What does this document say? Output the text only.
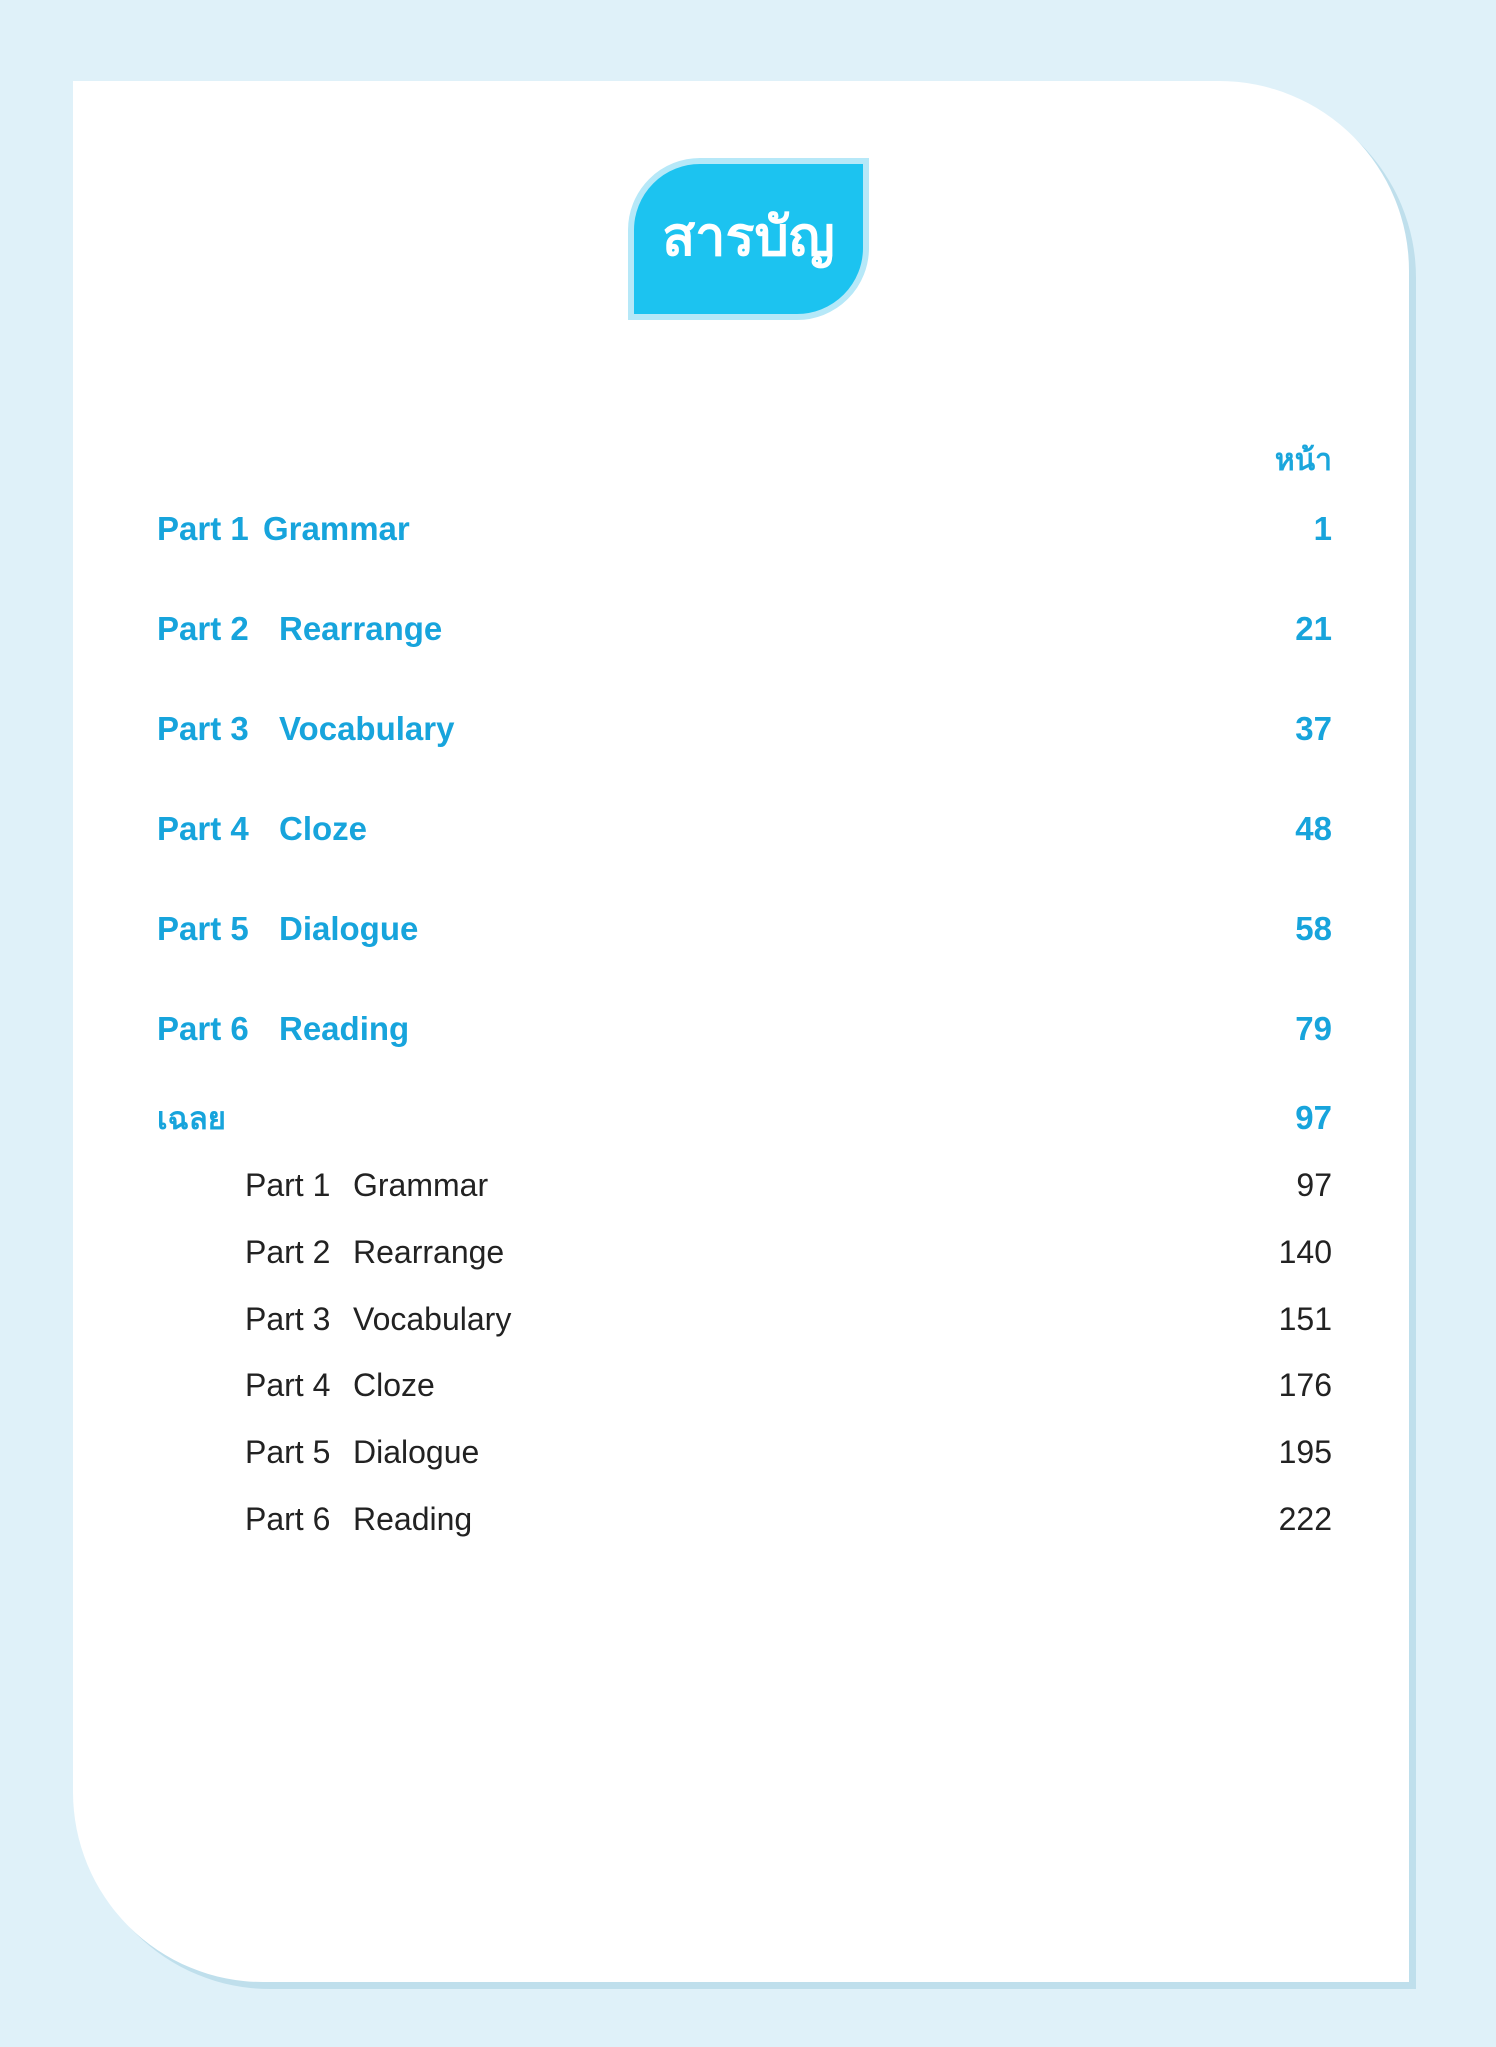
สารบัญ
หน้า
Part 1 Grammar	1
Part 2 Rearrange	21
Part 3 Vocabulary	37
Part 4 Cloze	48
Part 5 Dialogue	58
Part 6 Reading	79
เฉลย	97
Part 1 Grammar	97
Part 2 Rearrange	140
Part 3 Vocabulary	151
Part 4 Cloze	176
Part 5 Dialogue	195
Part 6 Reading	222
